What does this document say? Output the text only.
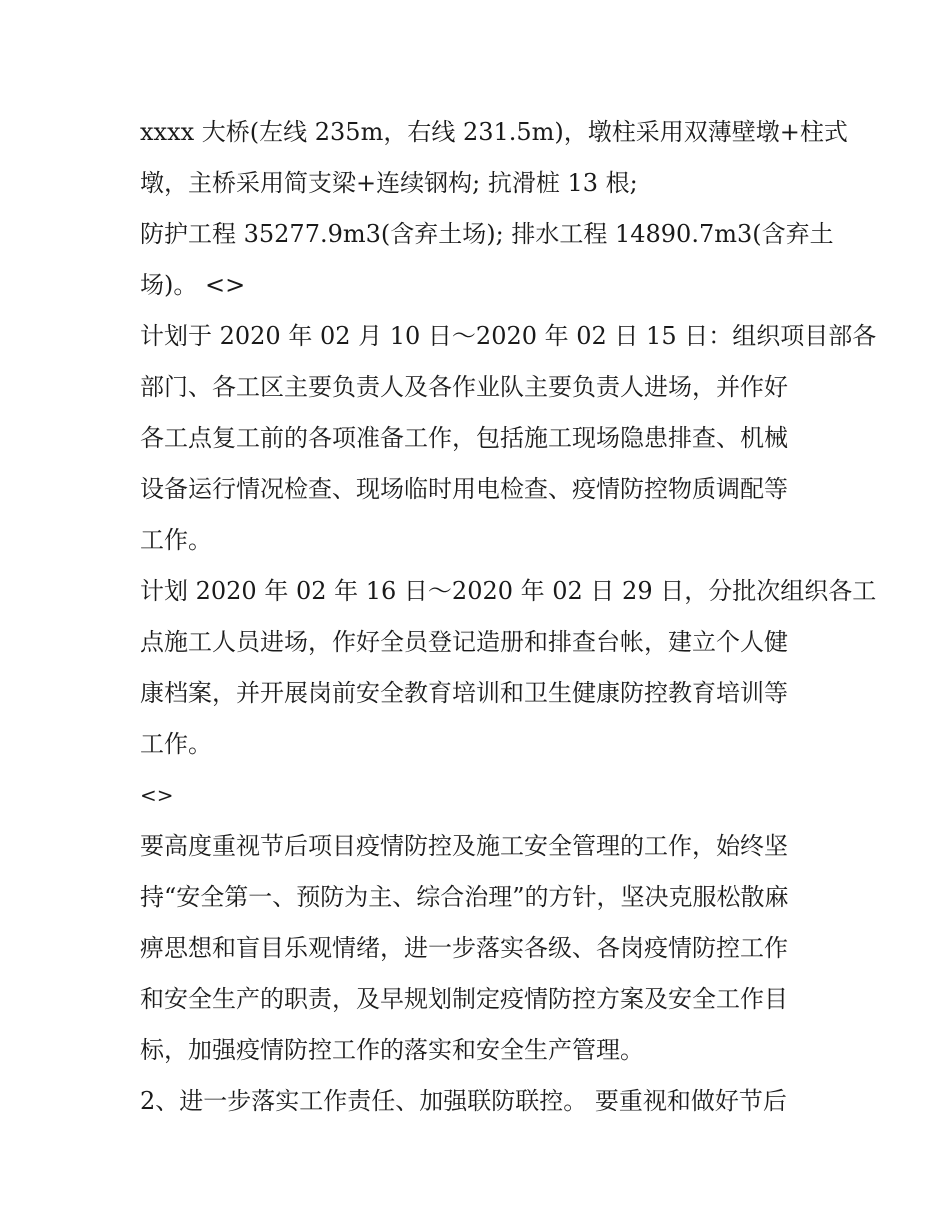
xxxx 大桥(左线 235m，右线 231.5m)，墩柱采用双薄壁墩+柱式
墩，主桥采用简支梁+连续钢构; 抗滑桩 13 根;

防护工程 35277.9m3(含弃土场); 排水工程 14890.7m3(含弃土
场)。 <>

计划于 2020 年 02 月 10 日～2020 年 02 日 15 日：组织项目部各
部门、各工区主要负责人及各作业队主要负责人进场，并作好
各工点复工前的各项准备工作，包括施工现场隐患排查、机械
设备运行情况检查、现场临时用电检查、疫情防控物质调配等
工作。

计划 2020 年 02 年 16 日～2020 年 02 日 29 日，分批次组织各工
点施工人员进场，作好全员登记造册和排查台帐，建立个人健
康档案，并开展岗前安全教育培训和卫生健康防控教育培训等
工作。

<>

要高度重视节后项目疫情防控及施工安全管理的工作，始终坚
持“安全第一、预防为主、综合治理”的方针，坚决克服松散麻
痹思想和盲目乐观情绪，进一步落实各级、各岗疫情防控工作
和安全生产的职责，及早规划制定疫情防控方案及安全工作目
标，加强疫情防控工作的落实和安全生产管理。

2、进一步落实工作责任、加强联防联控。 要重视和做好节后
